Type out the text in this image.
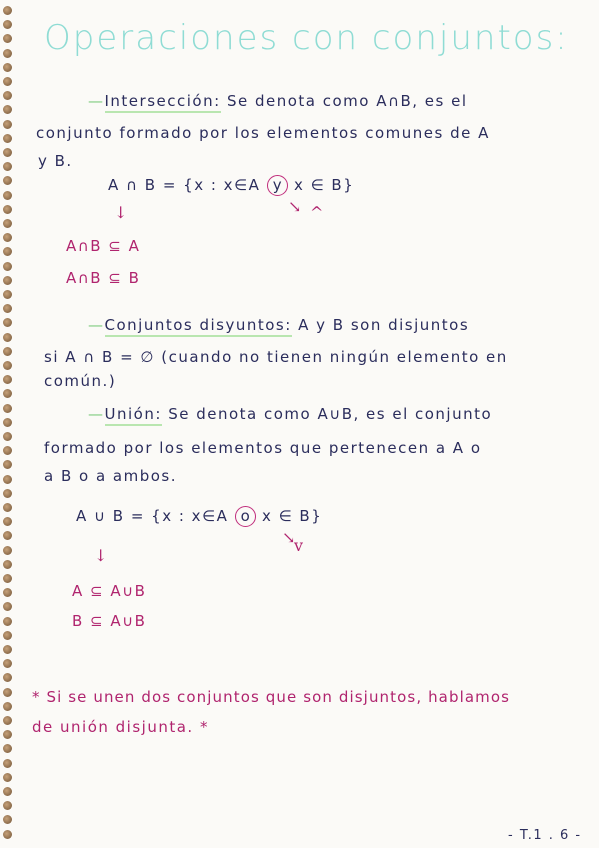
Operaciones con conjuntos:
—Intersección: Se denota como A∩B, es el
conjunto formado por los elementos comunes de A
y B.
A ∩ B = {x : x∈A y x ∈ B}
↘ ^
↓
A∩B ⊆ A
A∩B ⊆ B
—Conjuntos disyuntos: A y B son disjuntos
si A ∩ B = ∅ (cuando no tienen ningún elemento en
común.)
—Unión: Se denota como A∪B, es el conjunto
formado por los elementos que pertenecen a A o
a B o a ambos.
A ∪ B = {x : x∈A o x ∈ B}
↘
v
↓
A ⊆ A∪B
B ⊆ A∪B
* Si se unen dos conjuntos que son disjuntos, hablamos
de unión disjunta. *
- T.1 . 6 -
